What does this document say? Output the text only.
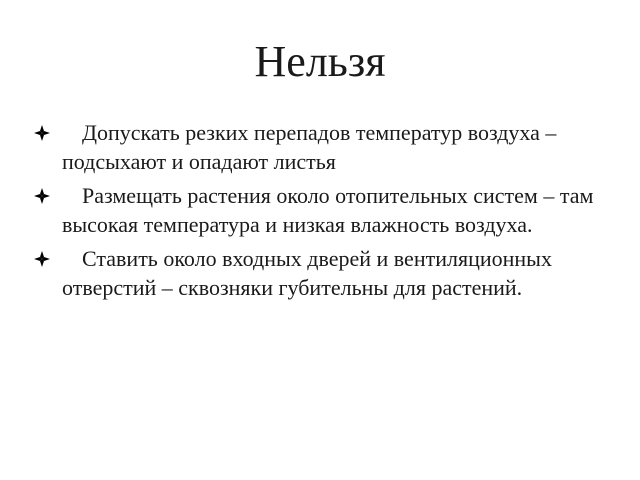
Нельзя
Допускать резких перепадов температур воздуха – подсыхают и опадают листья
Размещать растения около отопительных систем – там высокая температура и низкая влажность воздуха.
Ставить около входных дверей и вентиляционных отверстий – сквозняки губительны для растений.
